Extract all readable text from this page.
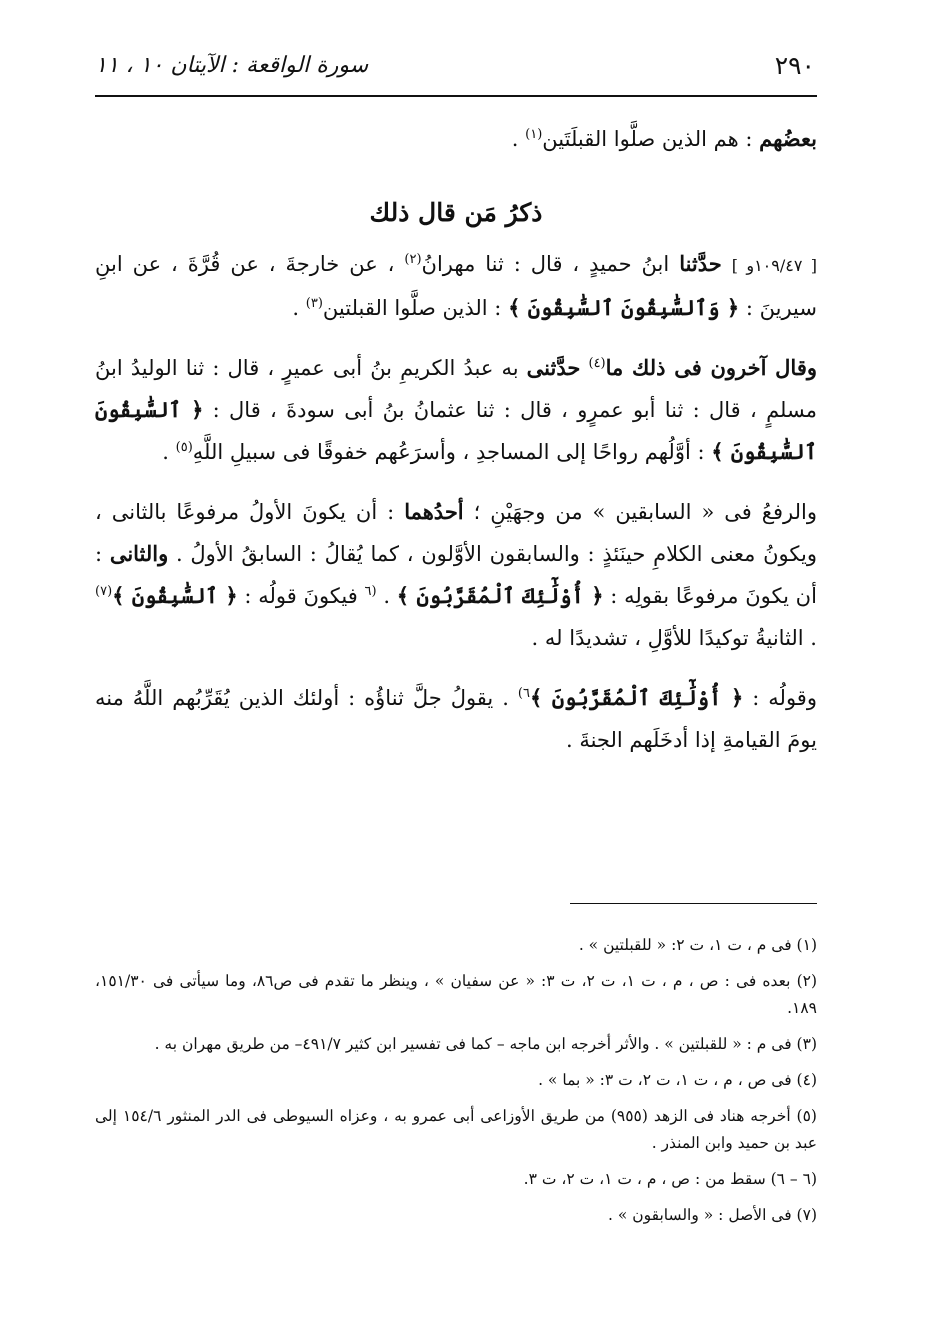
٢٩٠
سورة الواقعة : الآيتان ١٠ ، ١١

بعضُهم : هم الذين صلَّوا القبلَتَين$^{(١)}$ .

ذكرُ مَن قال ذلك

[ ١٠٩/٤٧و ] حدَّثنا ابنُ حميدٍ ، قال : ثنا مهرانُ$^{(٢)}$ ، عن خارجةَ ، عن قُرَّةَ ، عن ابنِ سيرينَ : ﴿ وَٱلسَّٰبِقُونَ ٱلسَّٰبِقُونَ ﴾ : الذين صلَّوا القبلتين$^{(٣)}$ .

وقال آخرون فى ذلك ما$^{(٤)}$ حدَّثنى به عبدُ الكريمِ بنُ أبى عميرٍ ، قال : ثنا الوليدُ ابنُ مسلمٍ ، قال : ثنا أبو عمرٍو ، قال : ثنا عثمانُ بنُ أبى سودةَ ، قال : ﴿ ٱلسَّٰبِقُونَ ٱلسَّٰبِقُونَ ﴾ : أوَّلُهم رواحًا إلى المساجدِ ، وأسرَعُهم خفوقًا فى سبيلِ اللَّهِ$^{(٥)}$ .

والرفعُ فى « السابقين » من وجهَيْنِ ؛ أحدُهما : أن يكونَ الأولُ مرفوعًا بالثانى ، ويكونُ معنى الكلامِ حينَئذٍ : والسابقون الأوَّلون ، كما يُقالُ : السابقُ الأولُ . والثانى : أن يكونَ مرفوعًا بقولِه : ﴿ أُوْلَٰٓئِكَ ٱلْمُقَرَّبُونَ ﴾ . $^{(٦}$ فيكونَ قولُه : ﴿ ٱلسَّٰبِقُونَ ﴾$^{(٧)}$ . الثانيةُ توكيدًا للأوَّلِ ، تشديدًا له .

وقولُه : ﴿ أُوْلَٰٓئِكَ ٱلْمُقَرَّبُونَ ﴾$^{٦)}$ . يقولُ جلَّ ثناؤُه : أولئك الذين يُقَرِّبُهم اللَّهُ منه يومَ القيامةِ إذا أدخَلَهم الجنةَ .

(١) فى م ، ت ١، ت ٢: « للقبلتين » .

(٢) بعده فى : ص ، م ، ت ١، ت ٢، ت ٣: « عن سفيان » ، وينظر ما تقدم فى ص٨٦، وما سيأتى فى ١٥١/٣٠، ١٨٩.

(٣) فى م : « للقبلتين » . والأثر أخرجه ابن ماجه – كما فى تفسير ابن كثير ٤٩١/٧– من طريق مهران به .

(٤) فى ص ، م ، ت ١، ت ٢، ت ٣: « بما » .

(٥) أخرجه هناد فى الزهد (٩٥٥) من طريق الأوزاعى أبى عمرو به ، وعزاه السيوطى فى الدر المنثور ١٥٤/٦ إلى عبد بن حميد وابن المنذر .

(٦ – ٦) سقط من : ص ، م ، ت ١، ت ٢، ت ٣.

(٧) فى الأصل : « والسابقون » .
